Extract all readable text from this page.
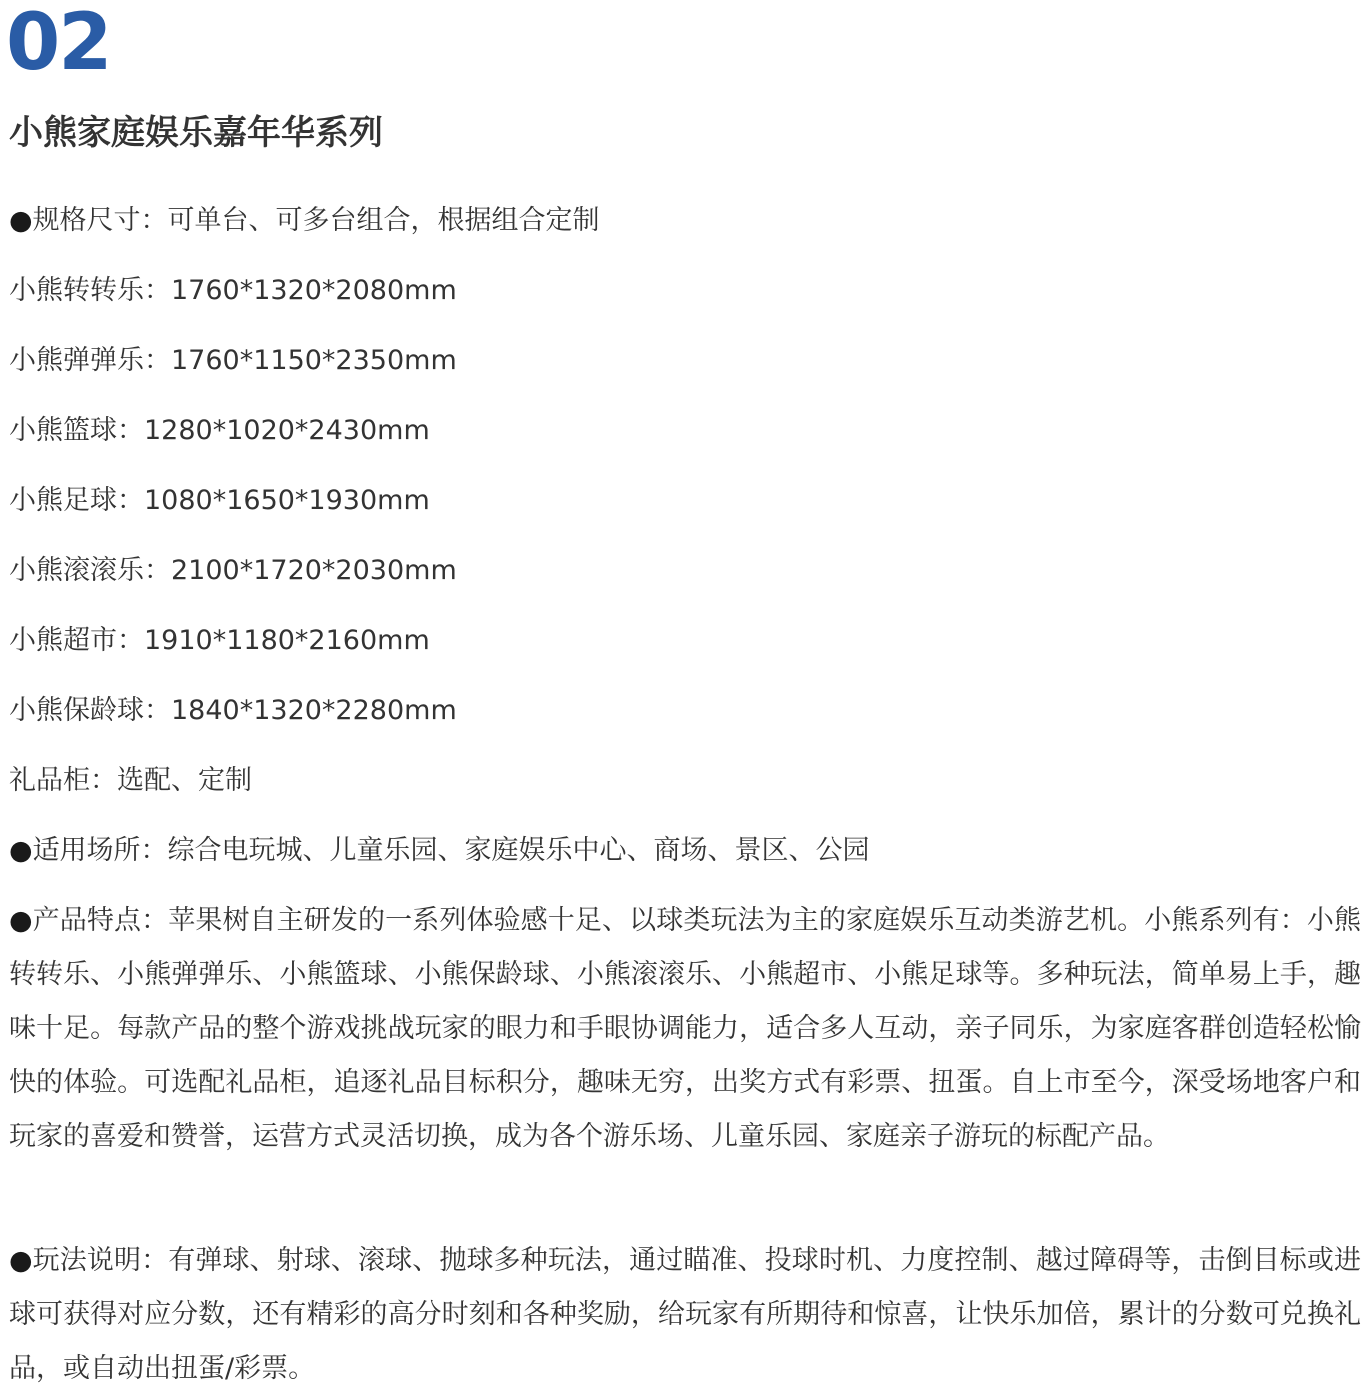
02
小熊家庭娱乐嘉年华系列
●规格尺寸：可单台、可多台组合，根据组合定制
小熊转转乐：1760*1320*2080mm
小熊弹弹乐：1760*1150*2350mm
小熊篮球：1280*1020*2430mm
小熊足球：1080*1650*1930mm
小熊滚滚乐：2100*1720*2030mm
小熊超市：1910*1180*2160mm
小熊保龄球：1840*1320*2280mm
礼品柜：选配、定制
●适用场所：综合电玩城、儿童乐园、家庭娱乐中心、商场、景区、公园
●产品特点：苹果树自主研发的一系列体验感十足、以球类玩法为主的家庭娱乐互动类游艺机。小熊系列有：小熊转转乐、小熊弹弹乐、小熊篮球、小熊保龄球、小熊滚滚乐、小熊超市、小熊足球等。多种玩法，简单易上手，趣味十足。每款产品的整个游戏挑战玩家的眼力和手眼协调能力，适合多人互动，亲子同乐，为家庭客群创造轻松愉快的体验。可选配礼品柜，追逐礼品目标积分，趣味无穷，出奖方式有彩票、扭蛋。自上市至今，深受场地客户和玩家的喜爱和赞誉，运营方式灵活切换，成为各个游乐场、儿童乐园、家庭亲子游玩的标配产品。
●玩法说明：有弹球、射球、滚球、抛球多种玩法，通过瞄准、投球时机、力度控制、越过障碍等，击倒目标或进球可获得对应分数，还有精彩的高分时刻和各种奖励，给玩家有所期待和惊喜，让快乐加倍，累计的分数可兑换礼品，或自动出扭蛋/彩票。
